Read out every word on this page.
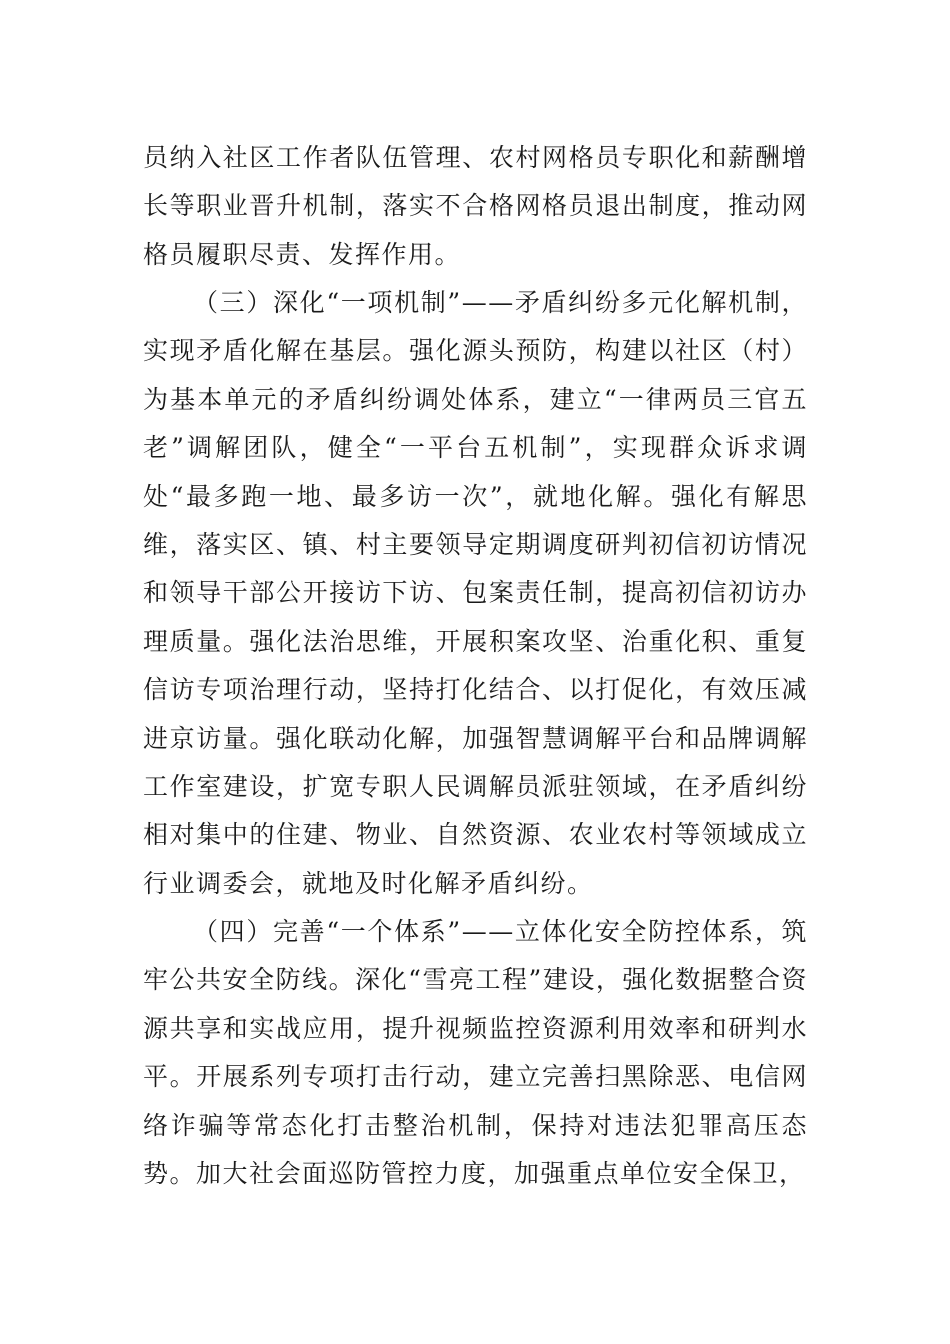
员纳入社区工作者队伍管理、农村网格员专职化和薪酬增长等职业晋升机制，落实不合格网格员退出制度，推动网格员履职尽责、发挥作用。

（三）深化“一项机制”——矛盾纠纷多元化解机制，实现矛盾化解在基层。强化源头预防，构建以社区（村）为基本单元的矛盾纠纷调处体系，建立“一律两员三官五老”调解团队，健全“一平台五机制”，实现群众诉求调处“最多跑一地、最多访一次”，就地化解。强化有解思维，落实区、镇、村主要领导定期调度研判初信初访情况和领导干部公开接访下访、包案责任制，提高初信初访办理质量。强化法治思维，开展积案攻坚、治重化积、重复信访专项治理行动，坚持打化结合、以打促化，有效压减进京访量。强化联动化解，加强智慧调解平台和品牌调解工作室建设，扩宽专职人民调解员派驻领域，在矛盾纠纷相对集中的住建、物业、自然资源、农业农村等领域成立行业调委会，就地及时化解矛盾纠纷。

（四）完善“一个体系”——立体化安全防控体系，筑牢公共安全防线。深化“雪亮工程”建设，强化数据整合资源共享和实战应用，提升视频监控资源利用效率和研判水平。开展系列专项打击行动，建立完善扫黑除恶、电信网络诈骗等常态化打击整治机制，保持对违法犯罪高压态势。加大社会面巡防管控力度，加强重点单位安全保卫，
